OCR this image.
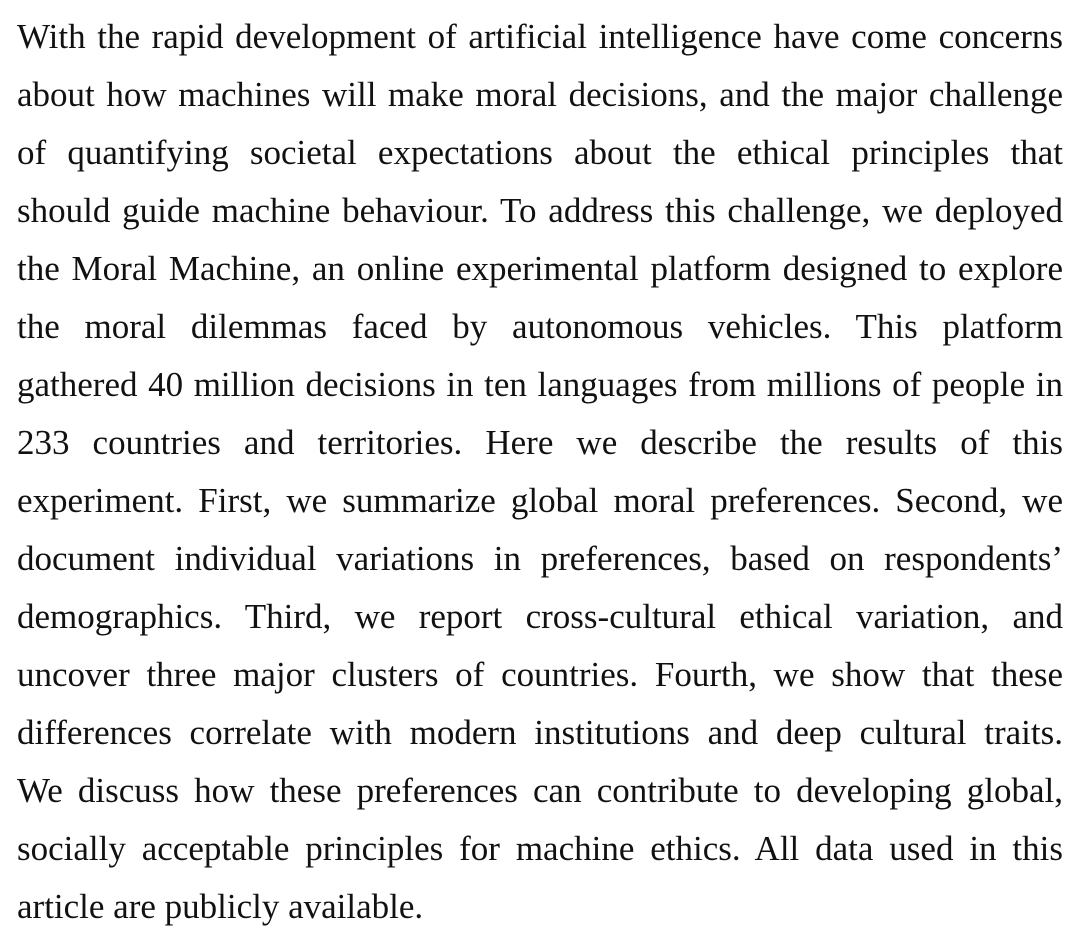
With the rapid development of artificial intelligence have come concerns
about how machines will make moral decisions, and the major challenge
of quantifying societal expectations about the ethical principles that
should guide machine behaviour. To address this challenge, we deployed
the Moral Machine, an online experimental platform designed to explore
the moral dilemmas faced by autonomous vehicles. This platform
gathered 40 million decisions in ten languages from millions of people in
233 countries and territories. Here we describe the results of this
experiment. First, we summarize global moral preferences. Second, we
document individual variations in preferences, based on respondents’
demographics. Third, we report cross-cultural ethical variation, and
uncover three major clusters of countries. Fourth, we show that these
differences correlate with modern institutions and deep cultural traits.
We discuss how these preferences can contribute to developing global,
socially acceptable principles for machine ethics. All data used in this
article are publicly available.
